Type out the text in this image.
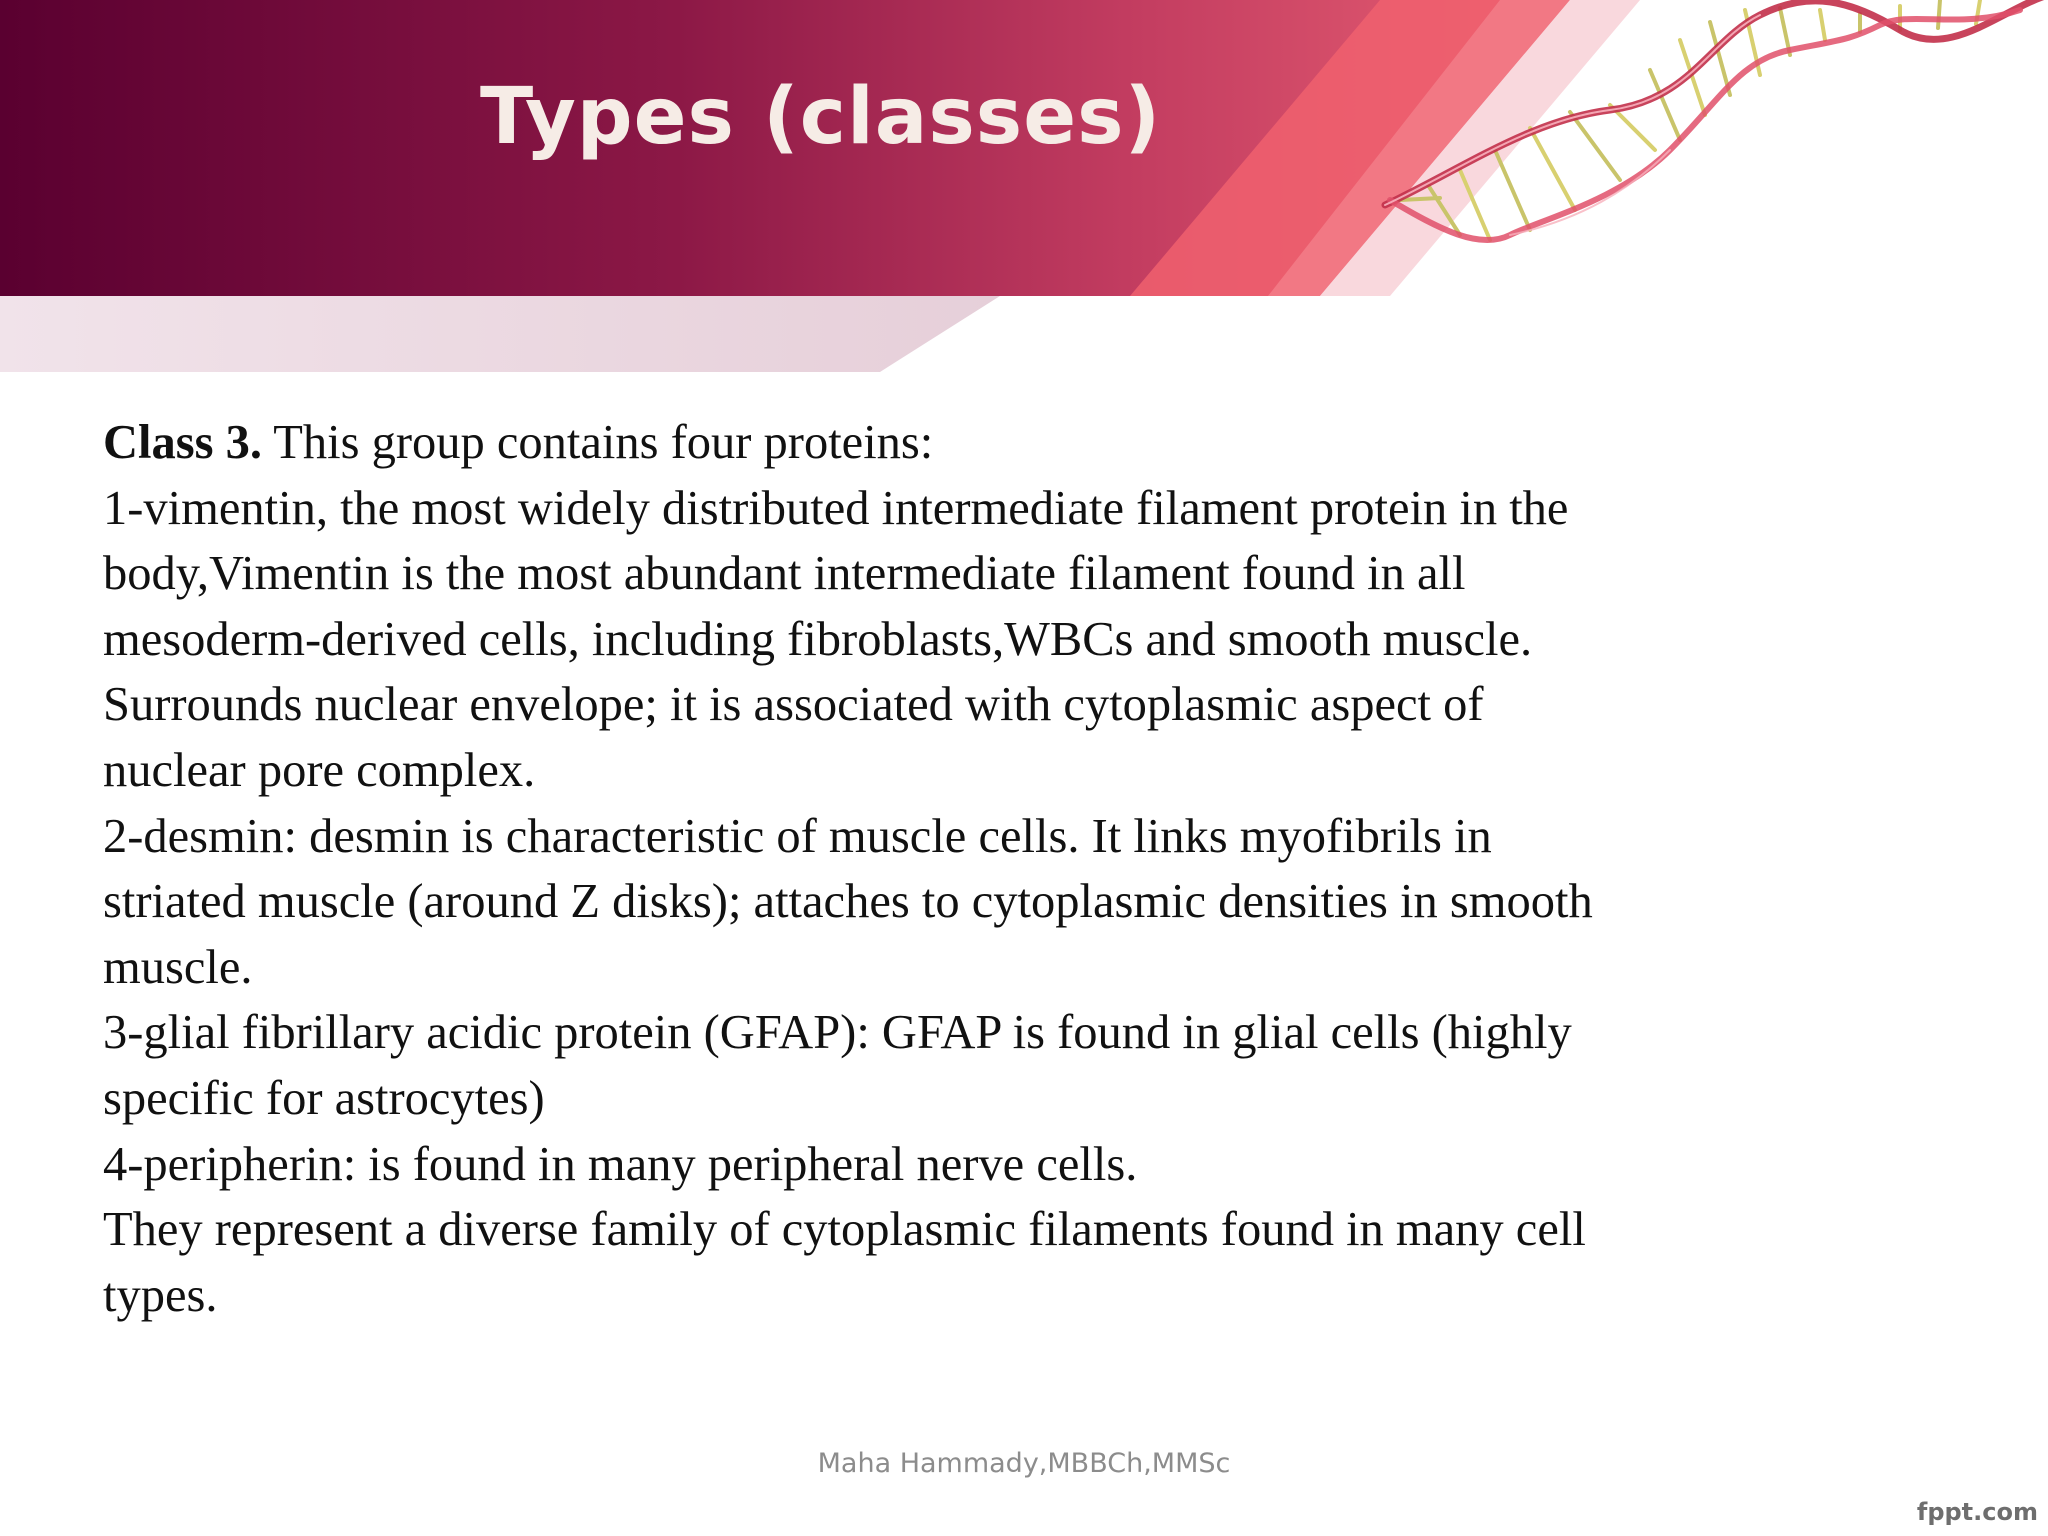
Types (classes)

Class 3. This group contains four proteins:

1-vimentin, the most widely distributed intermediate filament protein in the

body,Vimentin is the most abundant intermediate filament found in all

mesoderm-derived cells, including fibroblasts,WBCs and smooth muscle.

Surrounds nuclear envelope; it is associated with cytoplasmic aspect of

nuclear pore complex.

2-desmin: desmin is characteristic of muscle cells. It links myofibrils in

striated muscle (around Z disks); attaches to cytoplasmic densities in smooth

muscle.

3-glial fibrillary acidic protein (GFAP): GFAP is found in glial cells (highly

specific for astrocytes)

4-peripherin: is found in many peripheral nerve cells.

They represent a diverse family of cytoplasmic filaments found in many cell

types.

Maha Hammady,MBBCh,MMSc
fppt.com
